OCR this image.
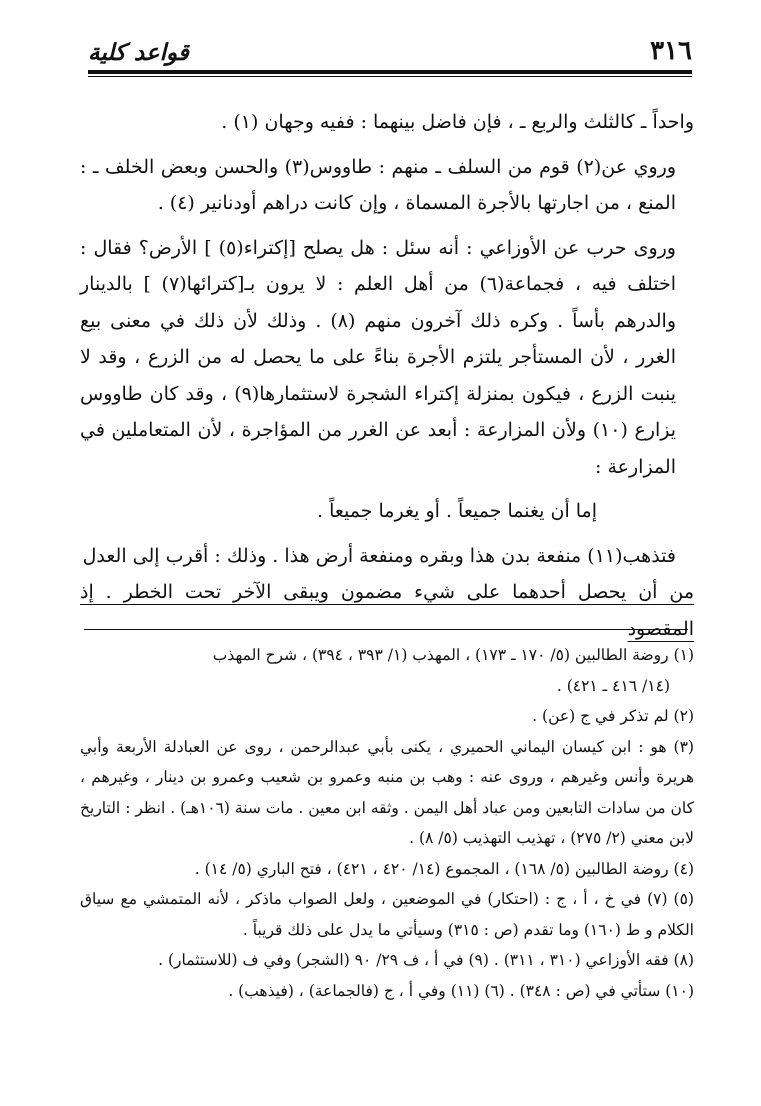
٣١٦
قواعد كلية

واحداً ـ كالثلث والربع ـ ، فإن فاضل بينهما : ففيه وجهان (١) .

وروي عن(٢) قوم من السلف ـ منهم : طاووس(٣) والحسن وبعض الخلف ـ : المنع ، من اجارتها بالأجرة المسماة ، وإن كانت دراهم أودنانير (٤) .

وروى حرب عن الأوزاعي : أنه سئل : هل يصلح [إكتراء(٥) ] الأرض؟ فقال : اختلف فيه ، فجماعة(٦) من أهل العلم : لا يرون بـ[كترائها(٧) ] بالدينار والدرهم بأساً . وكره ذلك آخرون منهم (٨) . وذلك لأن ذلك في معنى بيع الغرر ، لأن المستأجر يلتزم الأجرة بناءً على ما يحصل له من الزرع ، وقد لا ينبت الزرع ، فيكون بمنزلة إكتراء الشجرة لاستثمارها(٩) ، وقد كان طاووس يزارع (١٠) ولأن المزارعة : أبعد عن الغرر من المؤاجرة ، لأن المتعاملين في المزارعة :

إما أن يغنما جميعاً . أو يغرما جميعاً .

فتذهب(١١) منفعة بدن هذا وبقره ومنفعة أرض هذا . وذلك : أقرب إلى العدل

من أن يحصل أحدهما على شيء مضمون ويبقى الآخر تحت الخطر . إذ المقصود

(١) روضة الطالبين (٥/ ١٧٠ ـ ١٧٣) ، المهذب (١/ ٣٩٣ ، ٣٩٤) ، شرح المهذب

(١٤/ ٤١٦ ـ ٤٢١) .

(٢) لم تذكر في ج (عن) .

(٣) هو : ابن كيسان اليماني الحميري ، يكنى بأبي عبدالرحمن ، روى عن العبادلة الأربعة وأبي هريرة وأنس وغيرهم ، وروى عنه : وهب بن منبه وعمرو بن شعيب وعمرو بن دينار ، وغيرهم ، كان من سادات التابعين ومن عباد أهل اليمن . وثقه ابن معين . مات سنة (١٠٦هـ) . انظر : التاريخ لابن معني (٢/ ٢٧٥) ، تهذيب التهذيب (٥/ ٨) .

(٤) روضة الطالبين (٥/ ١٦٨) ، المجموع (١٤/ ٤٢٠ ، ٤٢١) ، فتح الباري (٥/ ١٤) .

(٥) (٧) في خ ، أ ، ج : (احتكار) في الموضعين ، ولعل الصواب ماذكر ، لأنه المتمشي مع سياق الكلام و ط (١٦٠) وما تقدم (ص : ٣١٥) وسيأتي ما يدل على ذلك قريباً .

(٨) فقه الأوزاعي (٣١٠ ، ٣١١) . (٩) في أ ، ف ٢٩/ ٩٠ (الشجر) وفي ف (للاستثمار) .

(١٠) ستأتي في (ص : ٣٤٨) . (٦) (١١) وفي أ ، ج (فالجماعة) ، (فيذهب) .
